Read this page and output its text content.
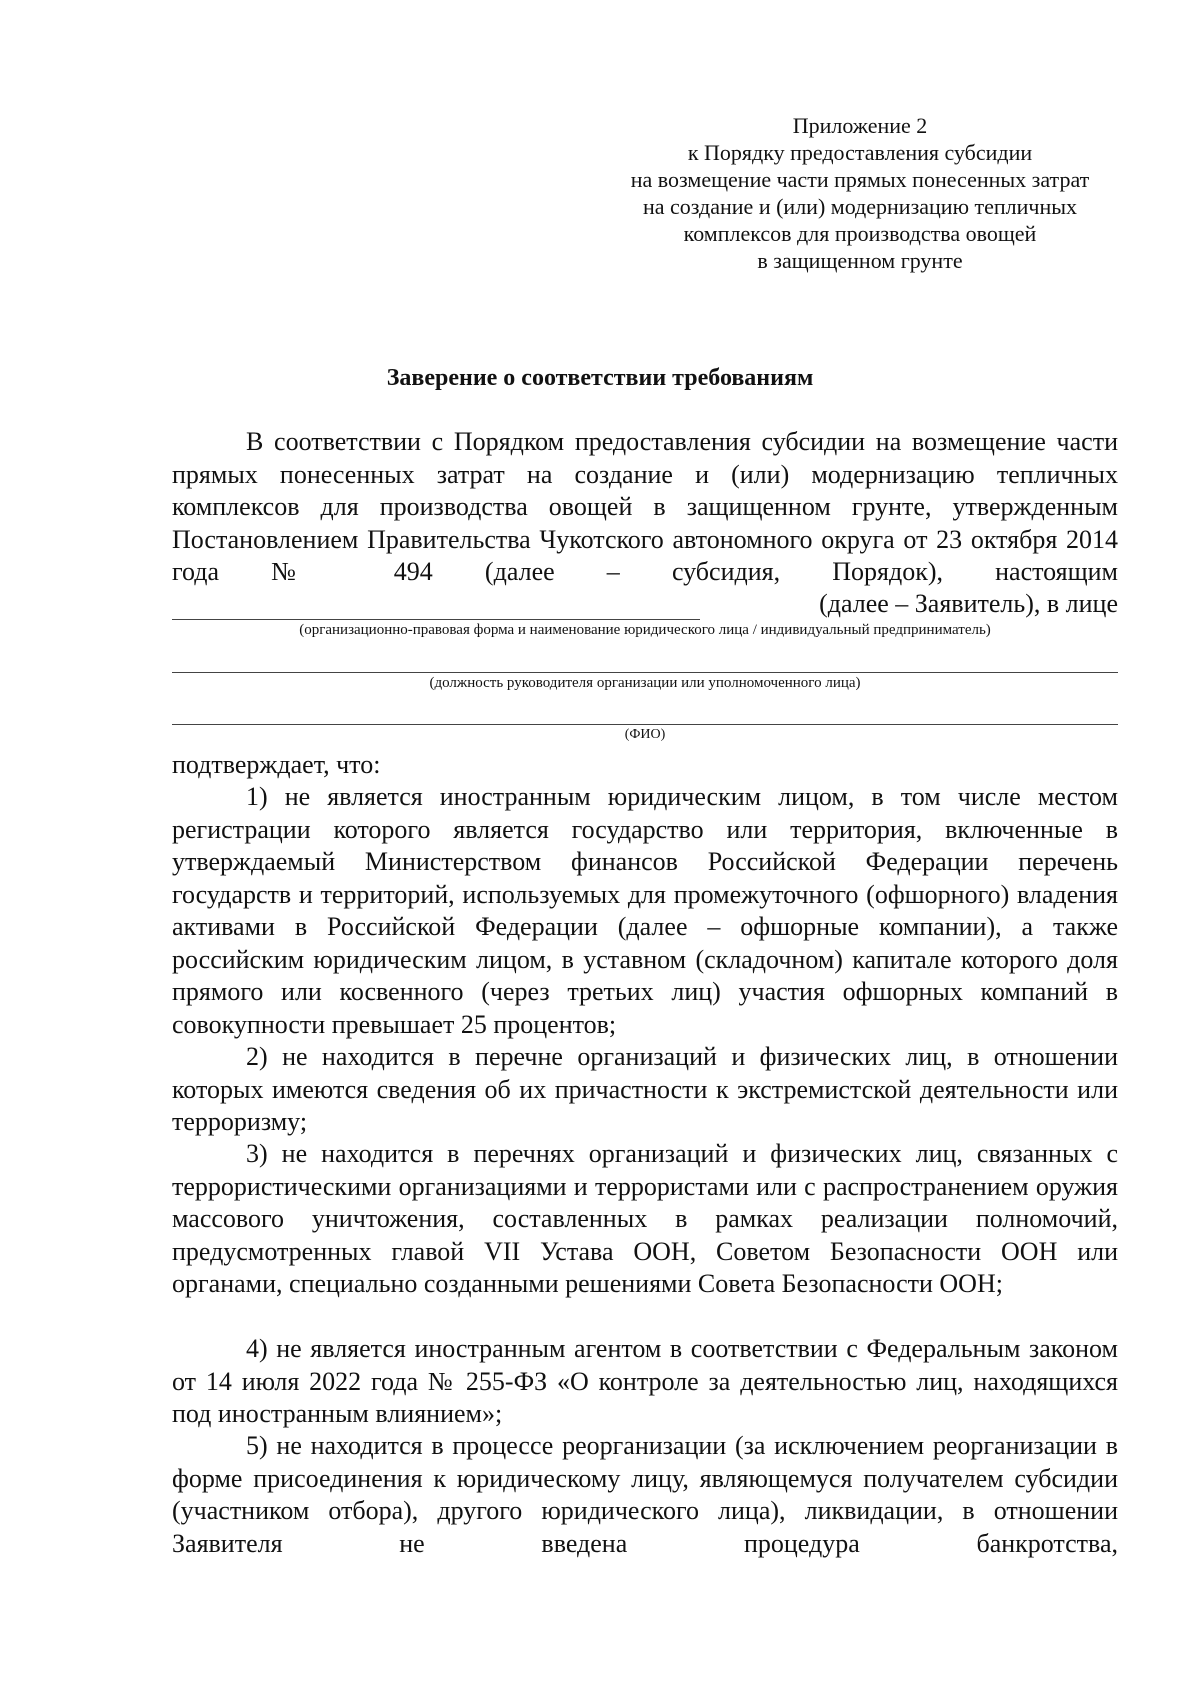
Приложение 2
к Порядку предоставления субсидии
на возмещение части прямых понесенных затрат
на создание и (или) модернизацию тепличных
комплексов для производства овощей
в защищенном грунте
Заверение о соответствии требованиям
В соответствии с Порядком предоставления субсидии на возмещение части прямых понесенных затрат на создание и (или) модернизацию тепличных комплексов для производства овощей в защищенном грунте, утвержденным Постановлением Правительства Чукотского автономного округа от 23 октября 2014 года № 494 (далее – субсидия, Порядок), настоящим
(далее – Заявитель), в лице
(организационно-правовая форма и наименование юридического лица / индивидуальный предприниматель)
(должность руководителя организации или уполномоченного лица)
(ФИО)
подтверждает, что:
1) не является иностранным юридическим лицом, в том числе местом регистрации которого является государство или территория, включенные в утверждаемый Министерством финансов Российской Федерации перечень государств и территорий, используемых для промежуточного (офшорного) владения активами в Российской Федерации (далее – офшорные компании), а также российским юридическим лицом, в уставном (складочном) капитале которого доля прямого или косвенного (через третьих лиц) участия офшорных компаний в совокупности превышает 25 процентов;
2) не находится в перечне организаций и физических лиц, в отношении которых имеются сведения об их причастности к экстремистской деятельности или терроризму;
3) не находится в перечнях организаций и физических лиц, связанных с террористическими организациями и террористами или с распространением оружия массового уничтожения, составленных в рамках реализации полномочий, предусмотренных главой VII Устава ООН, Советом Безопасности ООН или органами, специально созданными решениями Совета Безопасности ООН;
4) не является иностранным агентом в соответствии с Федеральным законом от 14 июля 2022 года № 255-ФЗ «О контроле за деятельностью лиц, находящихся под иностранным влиянием»;
5) не находится в процессе реорганизации (за исключением реорганизации в форме присоединения к юридическому лицу, являющемуся получателем субсидии (участником отбора), другого юридического лица), ликвидации, в отношении Заявителя не введена процедура банкротства,
